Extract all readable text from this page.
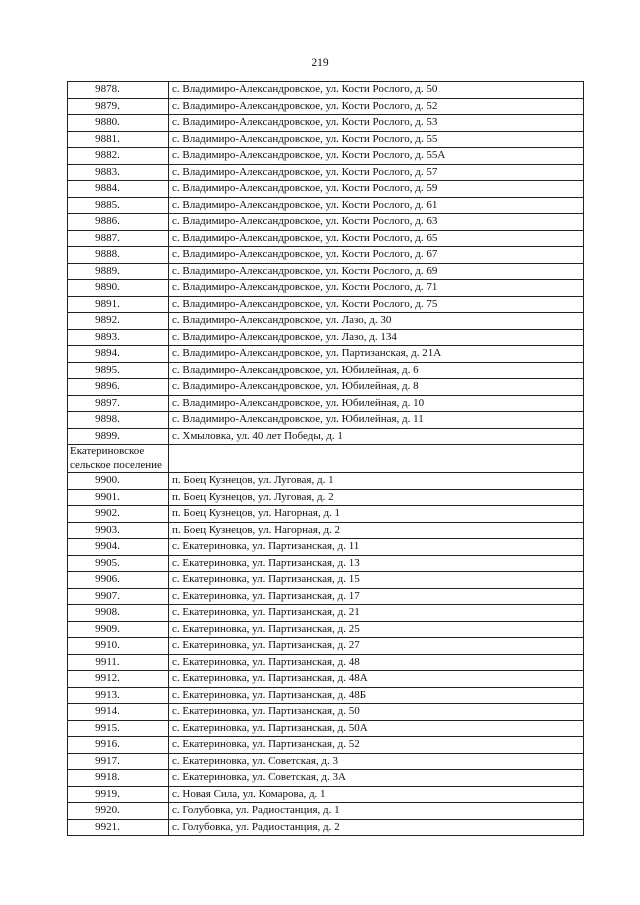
219
9878.	с. Владимиро-Александровское, ул. Кости Рослого, д. 50
9879.	с. Владимиро-Александровское, ул. Кости Рослого, д. 52
9880.	с. Владимиро-Александровское, ул. Кости Рослого, д. 53
9881.	с. Владимиро-Александровское, ул. Кости Рослого, д. 55
9882.	с. Владимиро-Александровское, ул. Кости Рослого, д. 55А
9883.	с. Владимиро-Александровское, ул. Кости Рослого, д. 57
9884.	с. Владимиро-Александровское, ул. Кости Рослого, д. 59
9885.	с. Владимиро-Александровское, ул. Кости Рослого, д. 61
9886.	с. Владимиро-Александровское, ул. Кости Рослого, д. 63
9887.	с. Владимиро-Александровское, ул. Кости Рослого, д. 65
9888.	с. Владимиро-Александровское, ул. Кости Рослого, д. 67
9889.	с. Владимиро-Александровское, ул. Кости Рослого, д. 69
9890.	с. Владимиро-Александровское, ул. Кости Рослого, д. 71
9891.	с. Владимиро-Александровское, ул. Кости Рослого, д. 75
9892.	с. Владимиро-Александровское, ул. Лазо, д. 30
9893.	с. Владимиро-Александровское, ул. Лазо, д. 134
9894.	с. Владимиро-Александровское, ул. Партизанская, д. 21А
9895.	с. Владимиро-Александровское, ул. Юбилейная, д. 6
9896.	с. Владимиро-Александровское, ул. Юбилейная, д. 8
9897.	с. Владимиро-Александровское, ул. Юбилейная, д. 10
9898.	с. Владимиро-Александровское, ул. Юбилейная, д. 11
9899.	с. Хмыловка, ул. 40 лет Победы, д. 1
Екатериновское сельское поселение	
9900.	п. Боец Кузнецов, ул. Луговая, д. 1
9901.	п. Боец Кузнецов, ул. Луговая, д. 2
9902.	п. Боец Кузнецов, ул. Нагорная, д. 1
9903.	п. Боец Кузнецов, ул. Нагорная, д. 2
9904.	с. Екатериновка, ул. Партизанская, д. 11
9905.	с. Екатериновка, ул. Партизанская, д. 13
9906.	с. Екатериновка, ул. Партизанская, д. 15
9907.	с. Екатериновка, ул. Партизанская, д. 17
9908.	с. Екатериновка, ул. Партизанская, д. 21
9909.	с. Екатериновка, ул. Партизанская, д. 25
9910.	с. Екатериновка, ул. Партизанская, д. 27
9911.	с. Екатериновка, ул. Партизанская, д. 48
9912.	с. Екатериновка, ул. Партизанская, д. 48А
9913.	с. Екатериновка, ул. Партизанская, д. 48Б
9914.	с. Екатериновка, ул. Партизанская, д. 50
9915.	с. Екатериновка, ул. Партизанская, д. 50А
9916.	с. Екатериновка, ул. Партизанская, д. 52
9917.	с. Екатериновка, ул. Советская, д. 3
9918.	с. Екатериновка, ул. Советская, д. 3А
9919.	с. Новая Сила, ул. Комарова, д. 1
9920.	с. Голубовка, ул. Радиостанция, д. 1
9921.	с. Голубовка, ул. Радиостанция, д. 2
